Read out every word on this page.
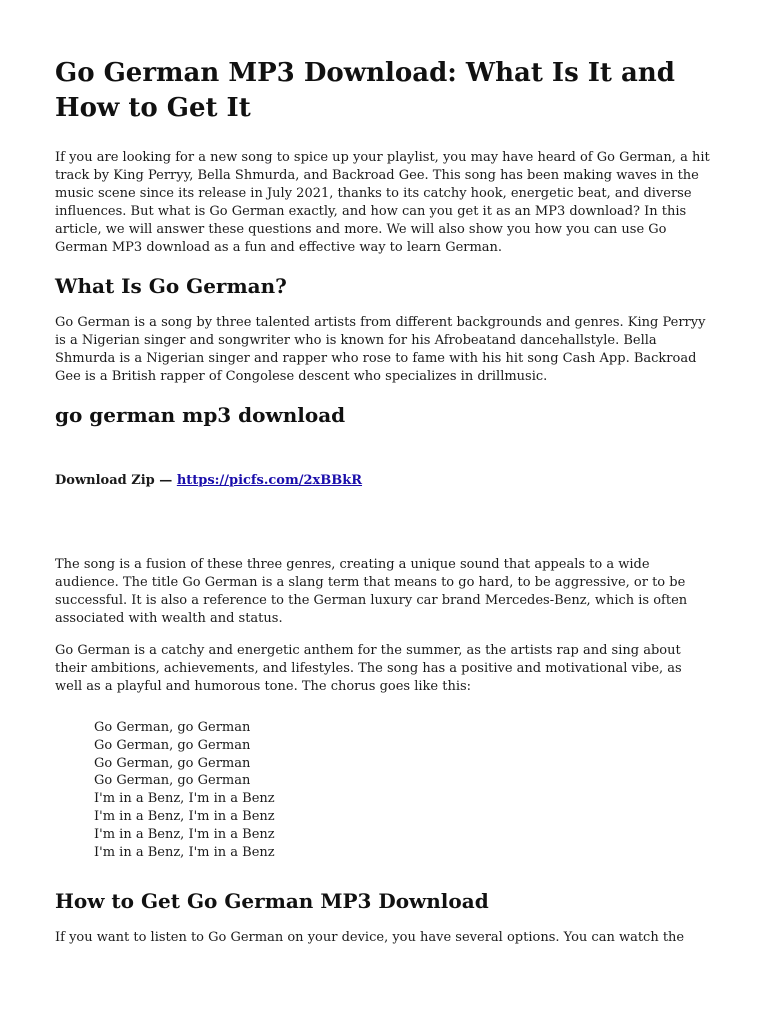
Go German MP3 Download: What Is It and How to Get It

If you are looking for a new song to spice up your playlist, you may have heard of Go German, a hit track by King Perryy, Bella Shmurda, and Backroad Gee. This song has been making waves in the music scene since its release in July 2021, thanks to its catchy hook, energetic beat, and diverse influences. But what is Go German exactly, and how can you get it as an MP3 download? In this article, we will answer these questions and more. We will also show you how you can use Go German MP3 download as a fun and effective way to learn German.

What Is Go German?

Go German is a song by three talented artists from different backgrounds and genres. King Perryy is a Nigerian singer and songwriter who is known for his Afrobeatand dancehallstyle. Bella Shmurda is a Nigerian singer and rapper who rose to fame with his hit song Cash App. Backroad Gee is a British rapper of Congolese descent who specializes in drillmusic.

go german mp3 download
Download Zip — https://picfs.com/2xBBkR

The song is a fusion of these three genres, creating a unique sound that appeals to a wide audience. The title Go German is a slang term that means to go hard, to be aggressive, or to be successful. It is also a reference to the German luxury car brand Mercedes-Benz, which is often associated with wealth and status.

Go German is a catchy and energetic anthem for the summer, as the artists rap and sing about their ambitions, achievements, and lifestyles. The song has a positive and motivational vibe, as well as a playful and humorous tone. The chorus goes like this:

Go German, go German
Go German, go German
Go German, go German
Go German, go German
I'm in a Benz, I'm in a Benz
I'm in a Benz, I'm in a Benz
I'm in a Benz, I'm in a Benz
I'm in a Benz, I'm in a Benz
How to Get Go German MP3 Download

If you want to listen to Go German on your device, you have several options. You can watch the
